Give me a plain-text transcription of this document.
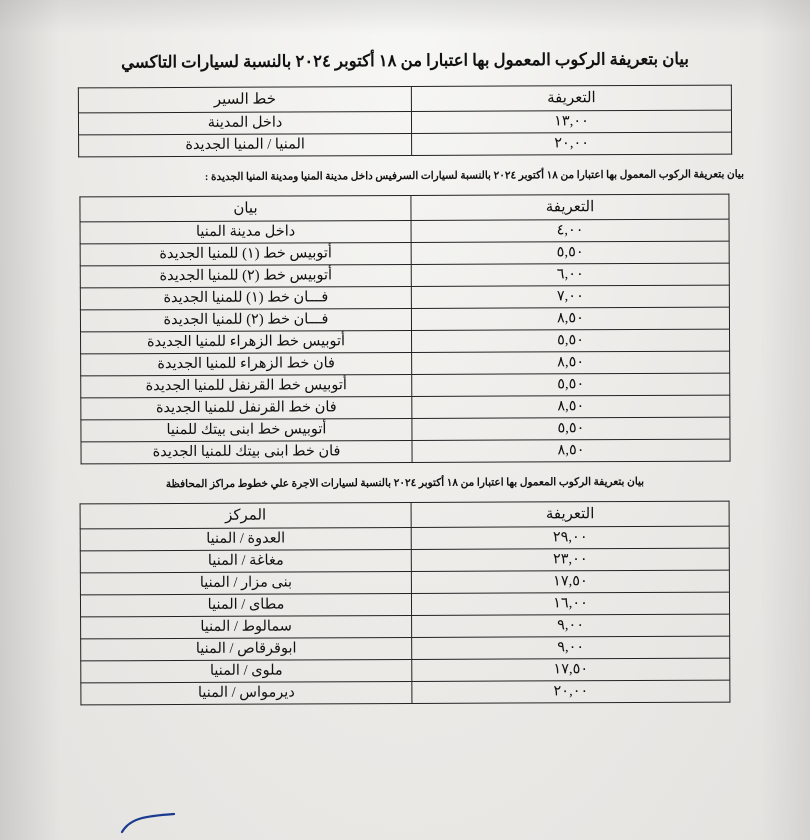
بيان بتعريفة الركوب المعمول بها اعتبارا من ١٨ أكتوبر ٢٠٢٤ بالنسبة لسيارات التاكسي
التعريفة	خط السير
١٣,٠٠	داخل المدينة
٢٠,٠٠	المنيا / المنيا الجديدة
بيان بتعريفة الركوب المعمول بها اعتبارا من ١٨ أكتوبر ٢٠٢٤ بالنسبة لسيارات السرفيس داخل مدينة المنيا ومدينة المنيا الجديدة :
التعريفة	بيان
٤,٠٠	داخل مدينة المنيا
٥,٥٠	أتوبيس خط (١) للمنيا الجديدة
٦,٠٠	أتوبيس خط (٢) للمنيا الجديدة
٧,٠٠	فـــان خط (١) للمنيا الجديدة
٨,٥٠	فـــان خط (٢) للمنيا الجديدة
٥,٥٠	أتوبيس خط الزهراء للمنيا الجديدة
٨,٥٠	فان خط الزهراء للمنيا الجديدة
٥,٥٠	أتوبيس خط القرنفل للمنيا الجديدة
٨,٥٠	فان خط القرنفل للمنيا الجديدة
٥,٥٠	أتوبيس خط ابنى بيتك للمنيا
٨,٥٠	فان خط ابنى بيتك للمنيا الجديدة
بيان بتعريفة الركوب المعمول بها اعتبارا من ١٨ أكتوبر ٢٠٢٤ بالنسبة لسيارات الاجرة علي خطوط مراكز المحافظة
التعريفة	المركز
٢٩,٠٠	العدوة / المنيا
٢٣,٠٠	مغاغة / المنيا
١٧,٥٠	بنى مزار / المنيا
١٦,٠٠	مطاى / المنيا
٩,٠٠	سمالوط / المنيا
٩,٠٠	ابوقرقاص / المنيا
١٧,٥٠	ملوى / المنيا
٢٠,٠٠	ديرمواس / المنيا
